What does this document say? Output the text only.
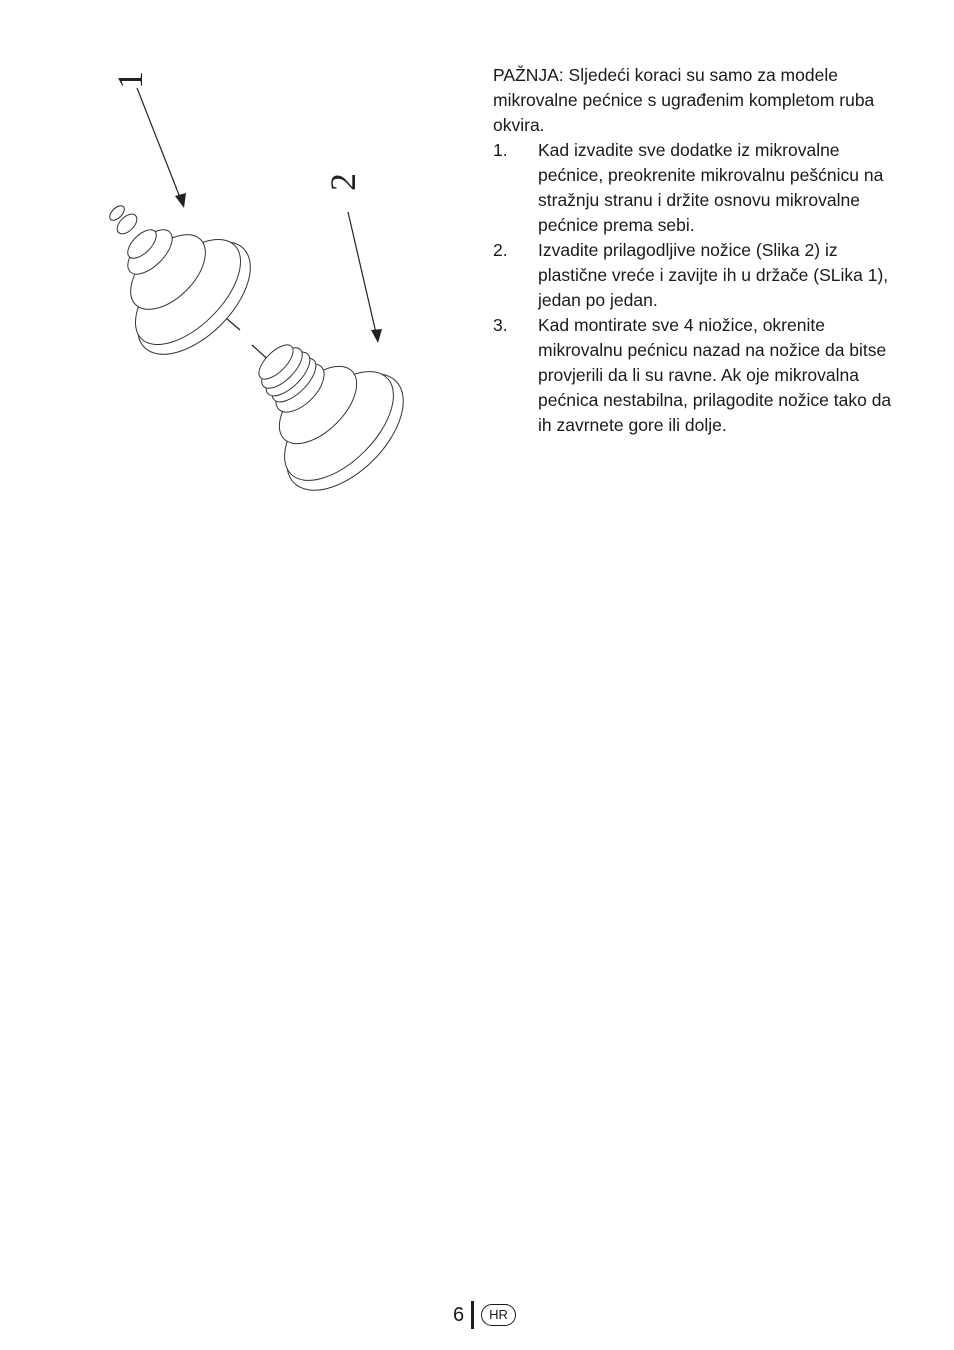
1
2

PAŽNJA: Sljedeći koraci su samo za modele mikrovalne pećnice s ugrađenim kompletom ruba okvira.

1.	Kad izvadite sve dodatke iz mikrovalne pećnice, preokrenite mikrovalnu pešćnicu na stražnju stranu i držite osnovu mikrovalne pećnice prema sebi.
2.	Izvadite prilagodljive nožice (Slika 2) iz plastične vreće i zavijte ih u držače (SLika 1), jedan po jedan.
3.	Kad montirate sve 4 niožice, okrenite mikrovalnu pećnicu nazad na nožice da bitse provjerili da li su ravne. Ak oje mikrovalna pećnica nestabilna, prilagodite nožice tako da ih zavrnete gore ili dolje.
6	HR
